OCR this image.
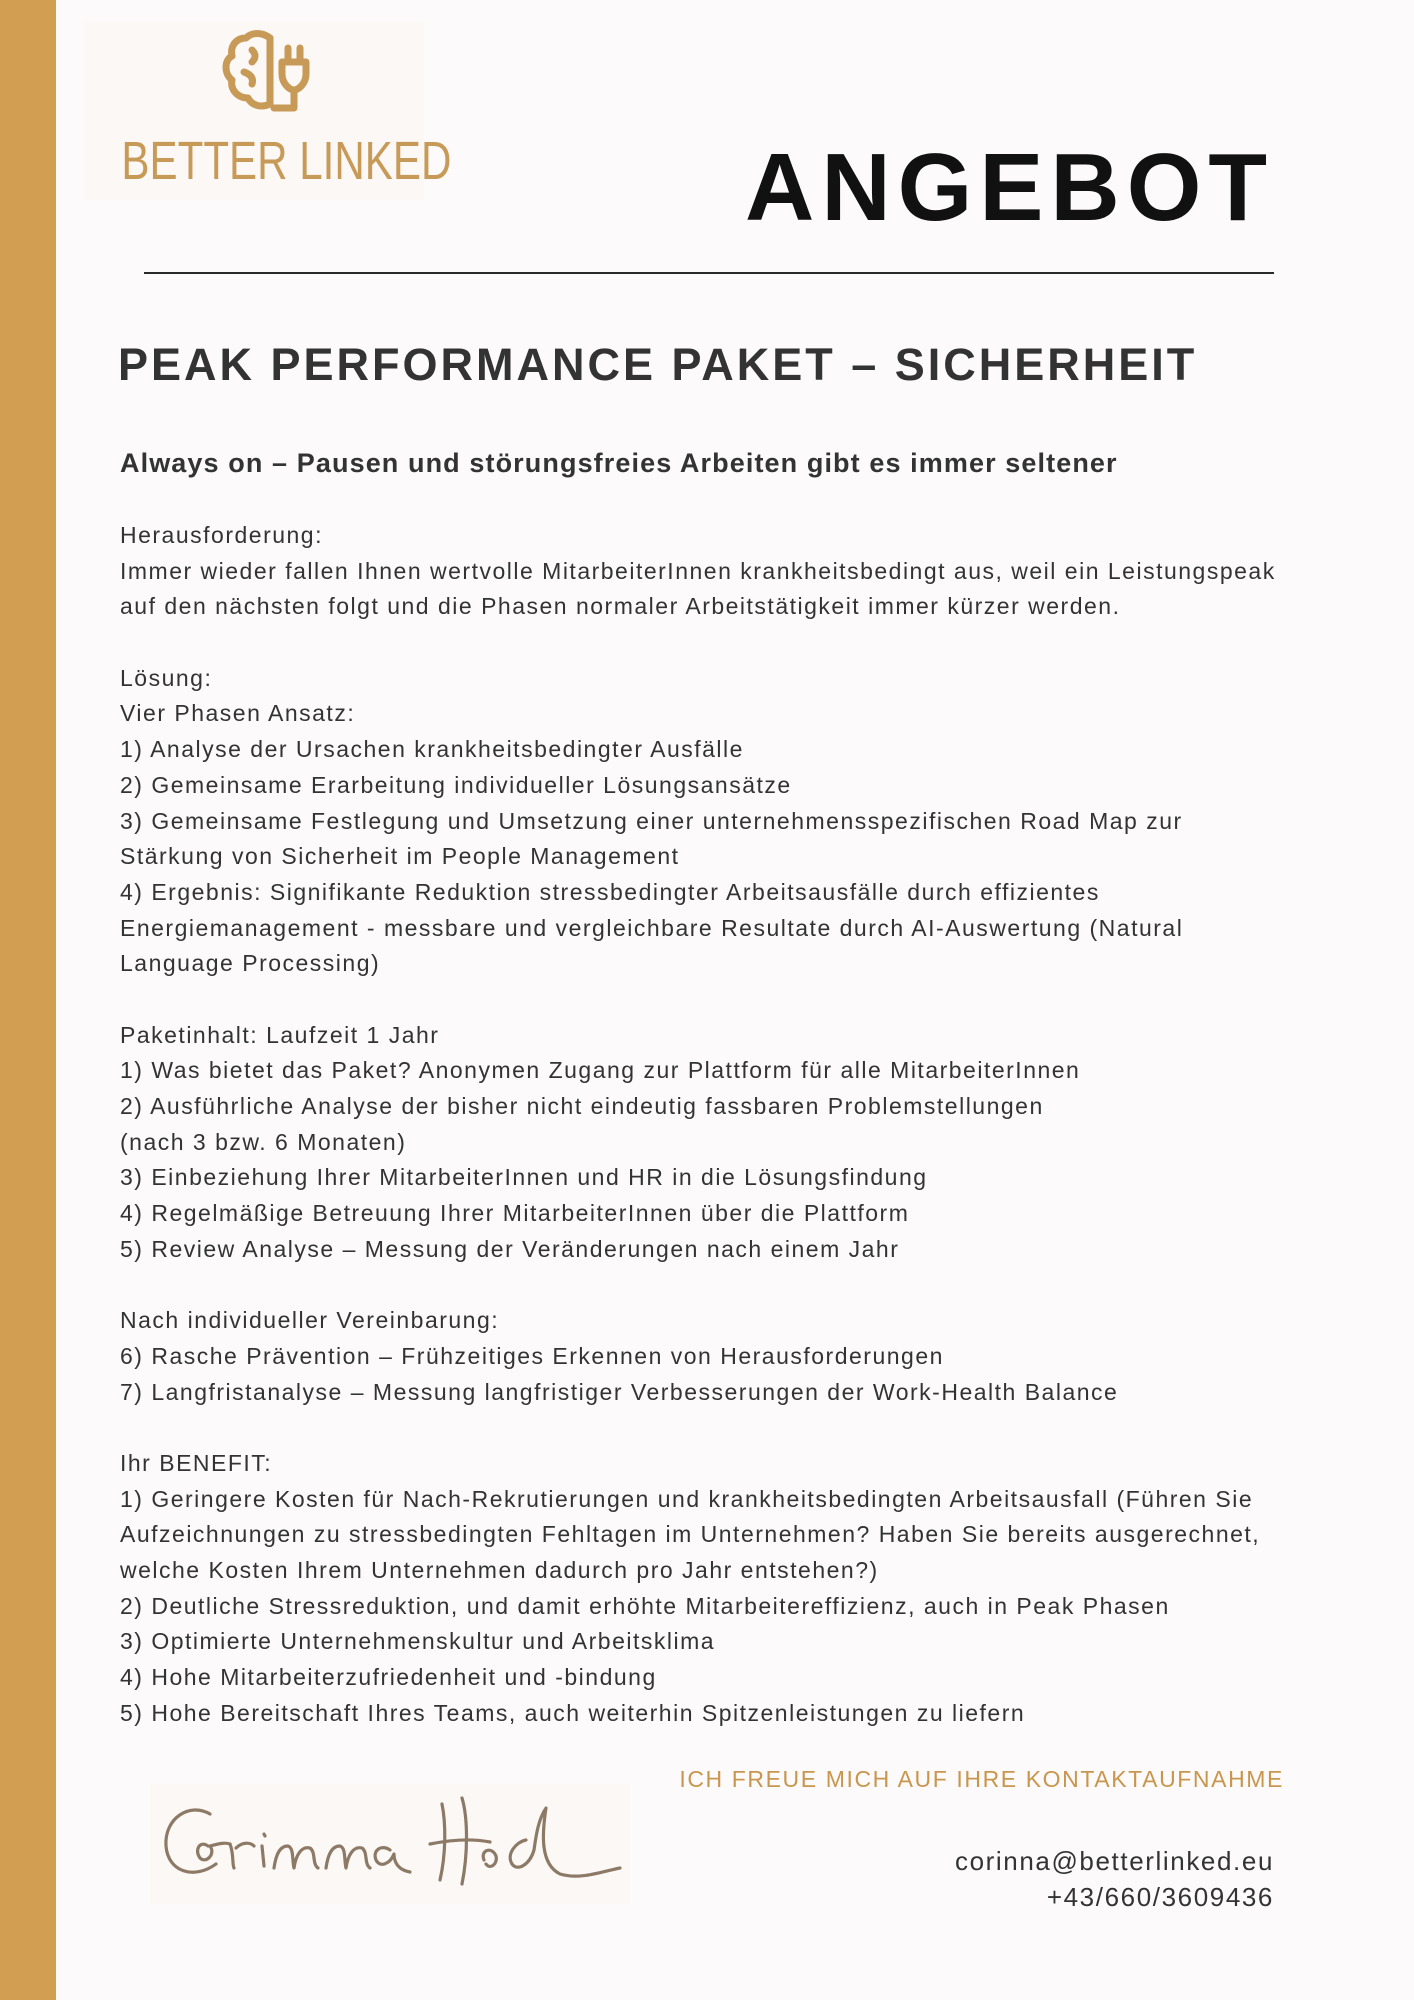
BETTER LINKED	ANGEBOT
PEAK PERFORMANCE PAKET – SICHERHEIT
Always on – Pausen und störungsfreies Arbeiten gibt es immer seltener
Herausforderung:
Immer wieder fallen Ihnen wertvolle MitarbeiterInnen krankheitsbedingt aus, weil ein Leistungspeak
auf den nächsten folgt und die Phasen normaler Arbeitstätigkeit immer kürzer werden.

Lösung:
Vier Phasen Ansatz:
1) Analyse der Ursachen krankheitsbedingter Ausfälle
2) Gemeinsame Erarbeitung individueller Lösungsansätze
3) Gemeinsame Festlegung und Umsetzung einer unternehmensspezifischen Road Map zur
Stärkung von Sicherheit im People Management
4) Ergebnis: Signifikante Reduktion stressbedingter Arbeitsausfälle durch effizientes
Energiemanagement - messbare und vergleichbare Resultate durch AI-Auswertung (Natural
Language Processing)

Paketinhalt: Laufzeit 1 Jahr
1) Was bietet das Paket? Anonymen Zugang zur Plattform für alle MitarbeiterInnen
2) Ausführliche Analyse der bisher nicht eindeutig fassbaren Problemstellungen
(nach 3 bzw. 6 Monaten)
3) Einbeziehung Ihrer MitarbeiterInnen und HR in die Lösungsfindung
4) Regelmäßige Betreuung Ihrer MitarbeiterInnen über die Plattform
5) Review Analyse – Messung der Veränderungen nach einem Jahr

Nach individueller Vereinbarung:
6) Rasche Prävention – Frühzeitiges Erkennen von Herausforderungen
7) Langfristanalyse – Messung langfristiger Verbesserungen der Work-Health Balance

Ihr BENEFIT:
1) Geringere Kosten für Nach-Rekrutierungen und krankheitsbedingten Arbeitsausfall (Führen Sie
Aufzeichnungen zu stressbedingten Fehltagen im Unternehmen? Haben Sie bereits ausgerechnet,
welche Kosten Ihrem Unternehmen dadurch pro Jahr entstehen?)
2) Deutliche Stressreduktion, und damit erhöhte Mitarbeitereffizienz, auch in Peak Phasen
3) Optimierte Unternehmenskultur und Arbeitsklima
4) Hohe Mitarbeiterzufriedenheit und -bindung
5) Hohe Bereitschaft Ihres Teams, auch weiterhin Spitzenleistungen zu liefern

ICH FREUE MICH AUF IHRE KONTAKTAUFNAHME

corinna@betterlinked.eu
+43/660/3609436
